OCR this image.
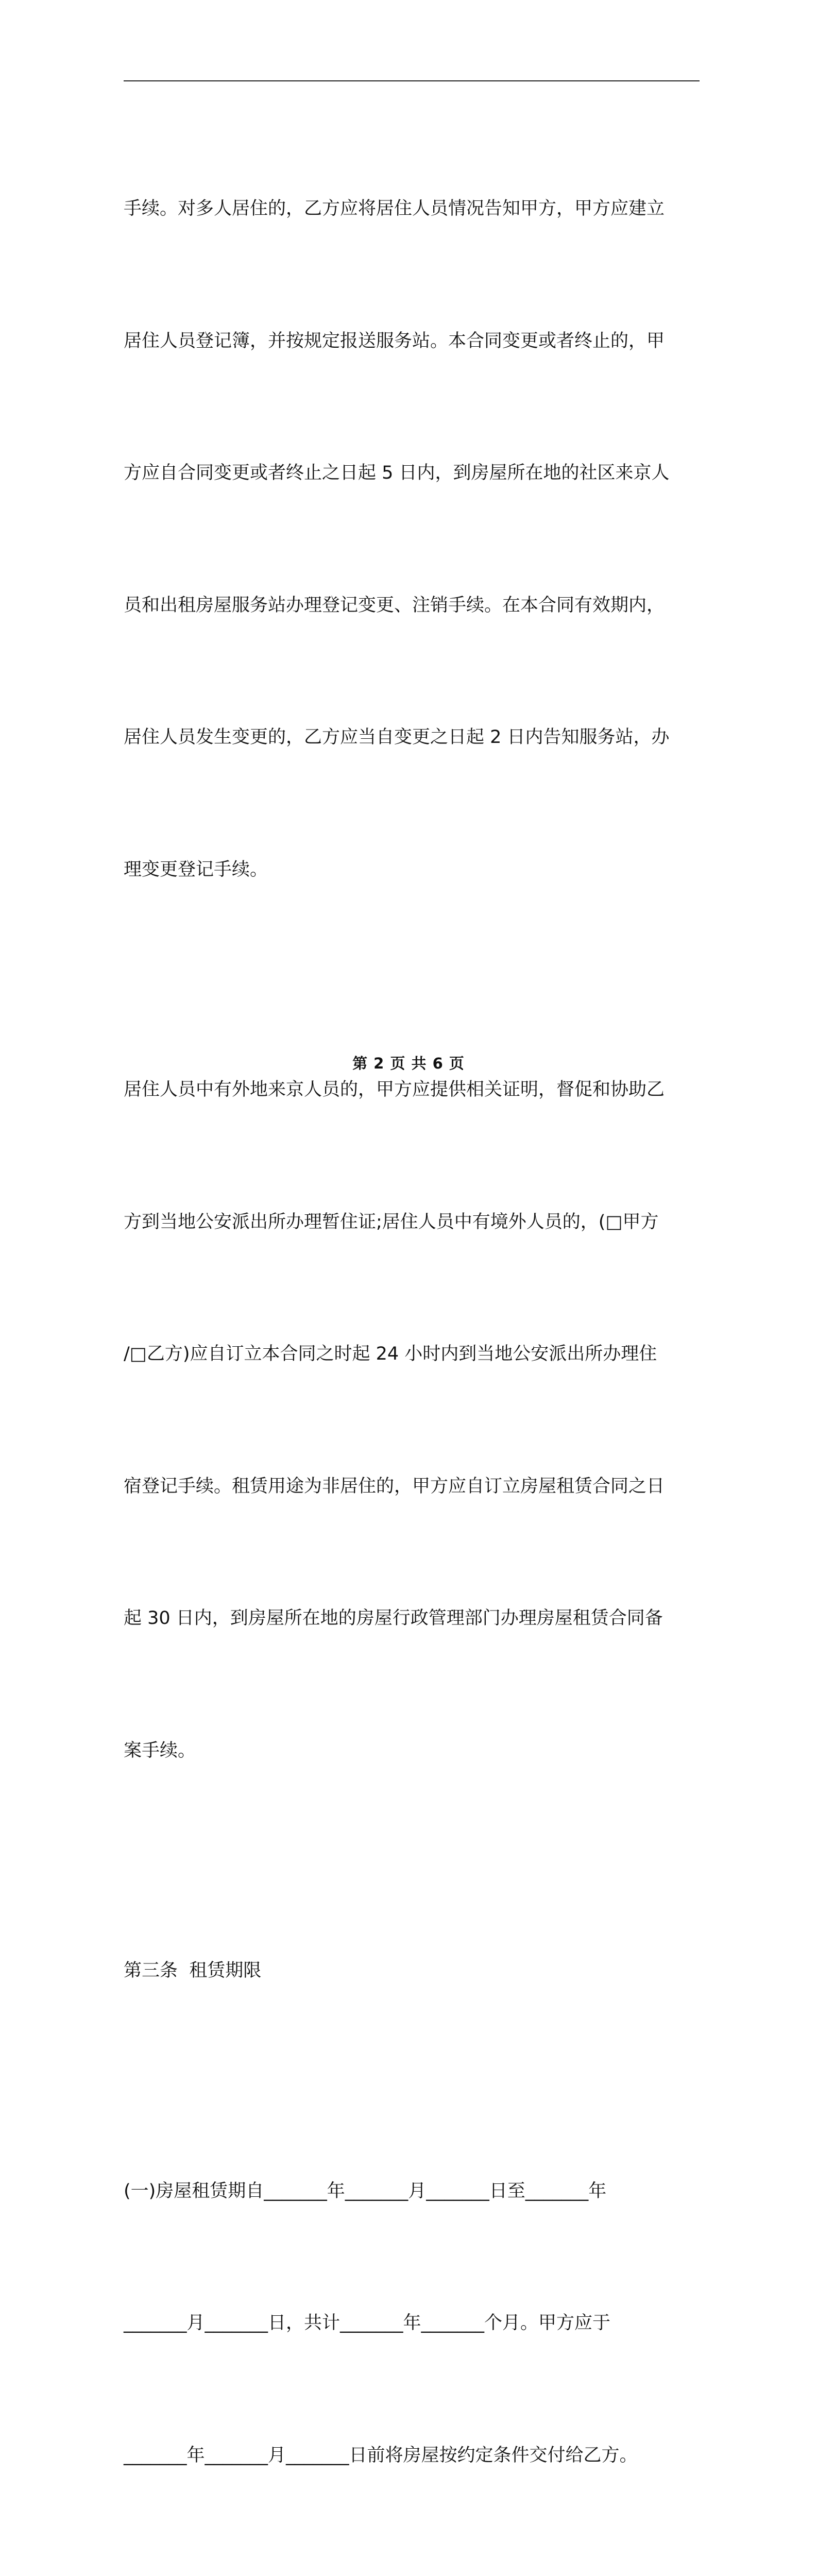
手续。对多人居住的，乙方应将居住人员情况告知甲方，甲方应建立

居住人员登记簿，并按规定报送服务站。本合同变更或者终止的，甲

方应自合同变更或者终止之日起 5 日内，到房屋所在地的社区来京人

员和出租房屋服务站办理登记变更、注销手续。在本合同有效期内，

居住人员发生变更的，乙方应当自变更之日起 2 日内告知服务站，办

理变更登记手续。

居住人员中有外地来京人员的，甲方应提供相关证明，督促和协助乙

方到当地公安派出所办理暂住证;居住人员中有境外人员的，(□甲方

/□乙方)应自订立本合同之时起 24 小时内到当地公安派出所办理住

宿登记手续。租赁用途为非居住的，甲方应自订立房屋租赁合同之日

起 30 日内，到房屋所在地的房屋行政管理部门办理房屋租赁合同备

案手续。

第三条  租赁期限

(一)房屋租赁期自_______年_______月_______日至_______年

_______月_______日，共计_______年_______个月。甲方应于

_______年_______月_______日前将房屋按约定条件交付给乙方。

第 2 页 共 6 页
